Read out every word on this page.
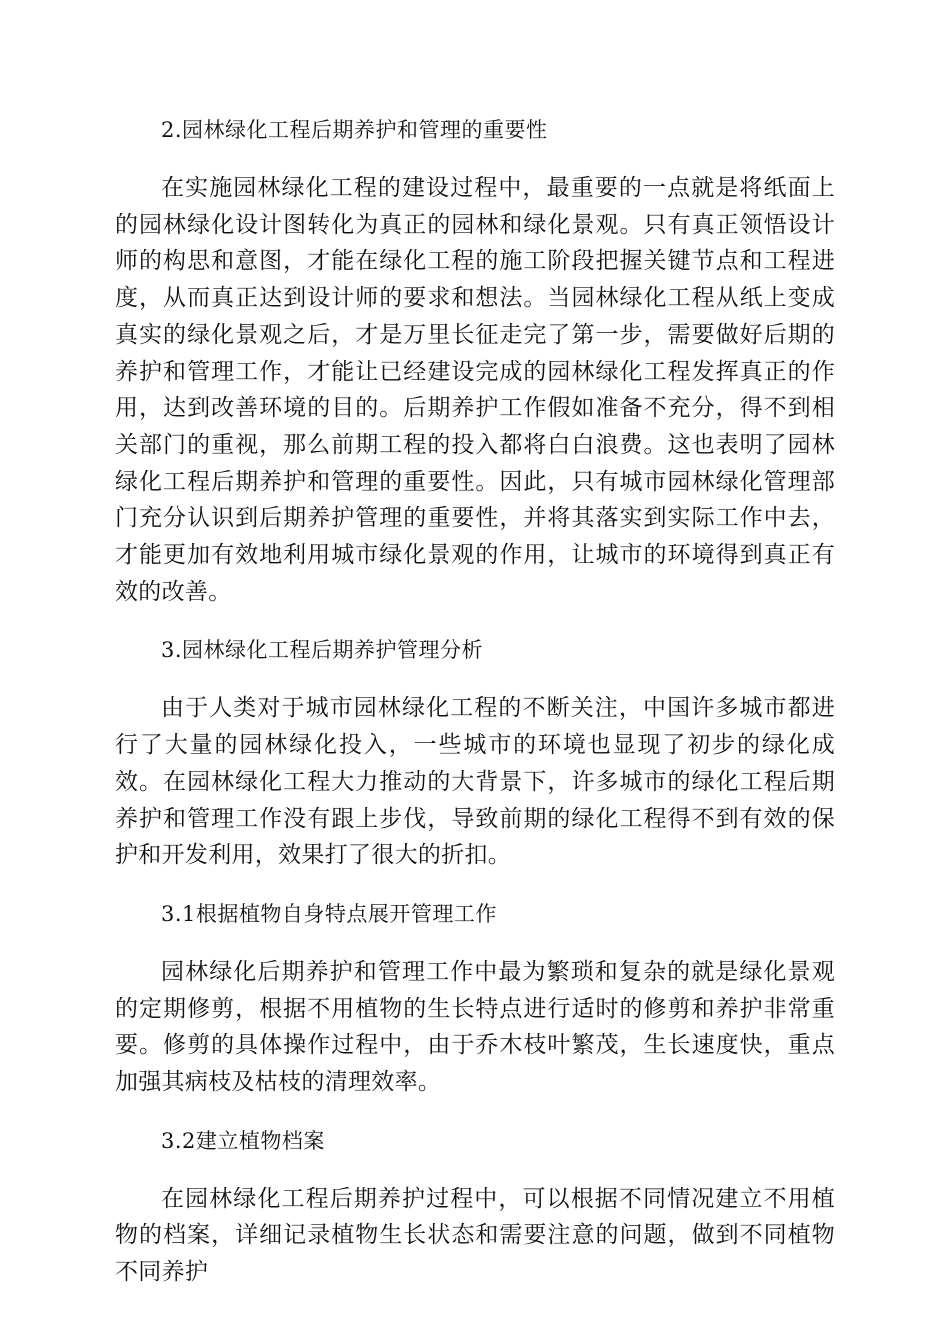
2.园林绿化工程后期养护和管理的重要性

在实施园林绿化工程的建设过程中，最重要的一点就是将纸面上的园林绿化设计图转化为真正的园林和绿化景观。只有真正领悟设计师的构思和意图，才能在绿化工程的施工阶段把握关键节点和工程进度，从而真正达到设计师的要求和想法。当园林绿化工程从纸上变成真实的绿化景观之后，才是万里长征走完了第一步，需要做好后期的养护和管理工作，才能让已经建设完成的园林绿化工程发挥真正的作用，达到改善环境的目的。后期养护工作假如准备不充分，得不到相关部门的重视，那么前期工程的投入都将白白浪费。这也表明了园林绿化工程后期养护和管理的重要性。因此，只有城市园林绿化管理部门充分认识到后期养护管理的重要性，并将其落实到实际工作中去，才能更加有效地利用城市绿化景观的作用，让城市的环境得到真正有效的改善。

3.园林绿化工程后期养护管理分析

由于人类对于城市园林绿化工程的不断关注，中国许多城市都进行了大量的园林绿化投入，一些城市的环境也显现了初步的绿化成效。在园林绿化工程大力推动的大背景下，许多城市的绿化工程后期养护和管理工作没有跟上步伐，导致前期的绿化工程得不到有效的保护和开发利用，效果打了很大的折扣。

3.1根据植物自身特点展开管理工作

园林绿化后期养护和管理工作中最为繁琐和复杂的就是绿化景观的定期修剪，根据不用植物的生长特点进行适时的修剪和养护非常重要。修剪的具体操作过程中，由于乔木枝叶繁茂，生长速度快，重点加强其病枝及枯枝的清理效率。

3.2建立植物档案

在园林绿化工程后期养护过程中，可以根据不同情况建立不用植物的档案，详细记录植物生长状态和需要注意的问题，做到不同植物不同养护
